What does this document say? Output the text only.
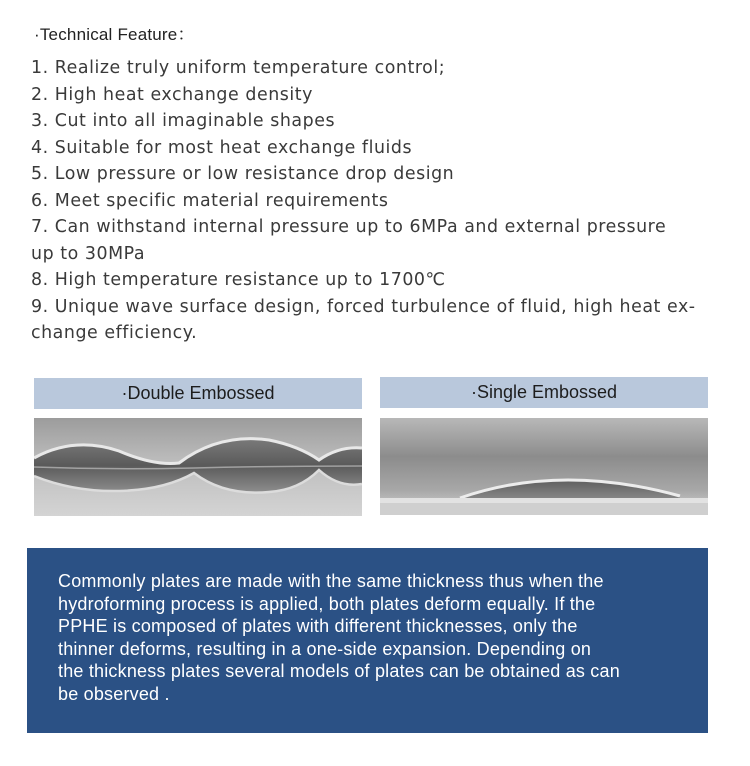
·Technical Feature：
1. Realize truly uniform temperature control;
2. High heat exchange density
3. Cut into all imaginable shapes
4. Suitable for most heat exchange fluids
5. Low pressure or low resistance drop design
6. Meet specific material requirements
7. Can withstand internal pressure up to 6MPa and external pressure
up to 30MPa
8. High temperature resistance up to 1700℃
9. Unique wave surface design, forced turbulence of fluid, high heat ex-
change efficiency.
·Double Embossed	·Single Embossed

Commonly plates are made with the same thickness thus when the

hydroforming process is applied, both plates deform equally. If the

PPHE is composed of plates with different thicknesses, only the

thinner deforms, resulting in a one-side expansion. Depending on

the thickness plates several models of plates can be obtained as can

be observed .
